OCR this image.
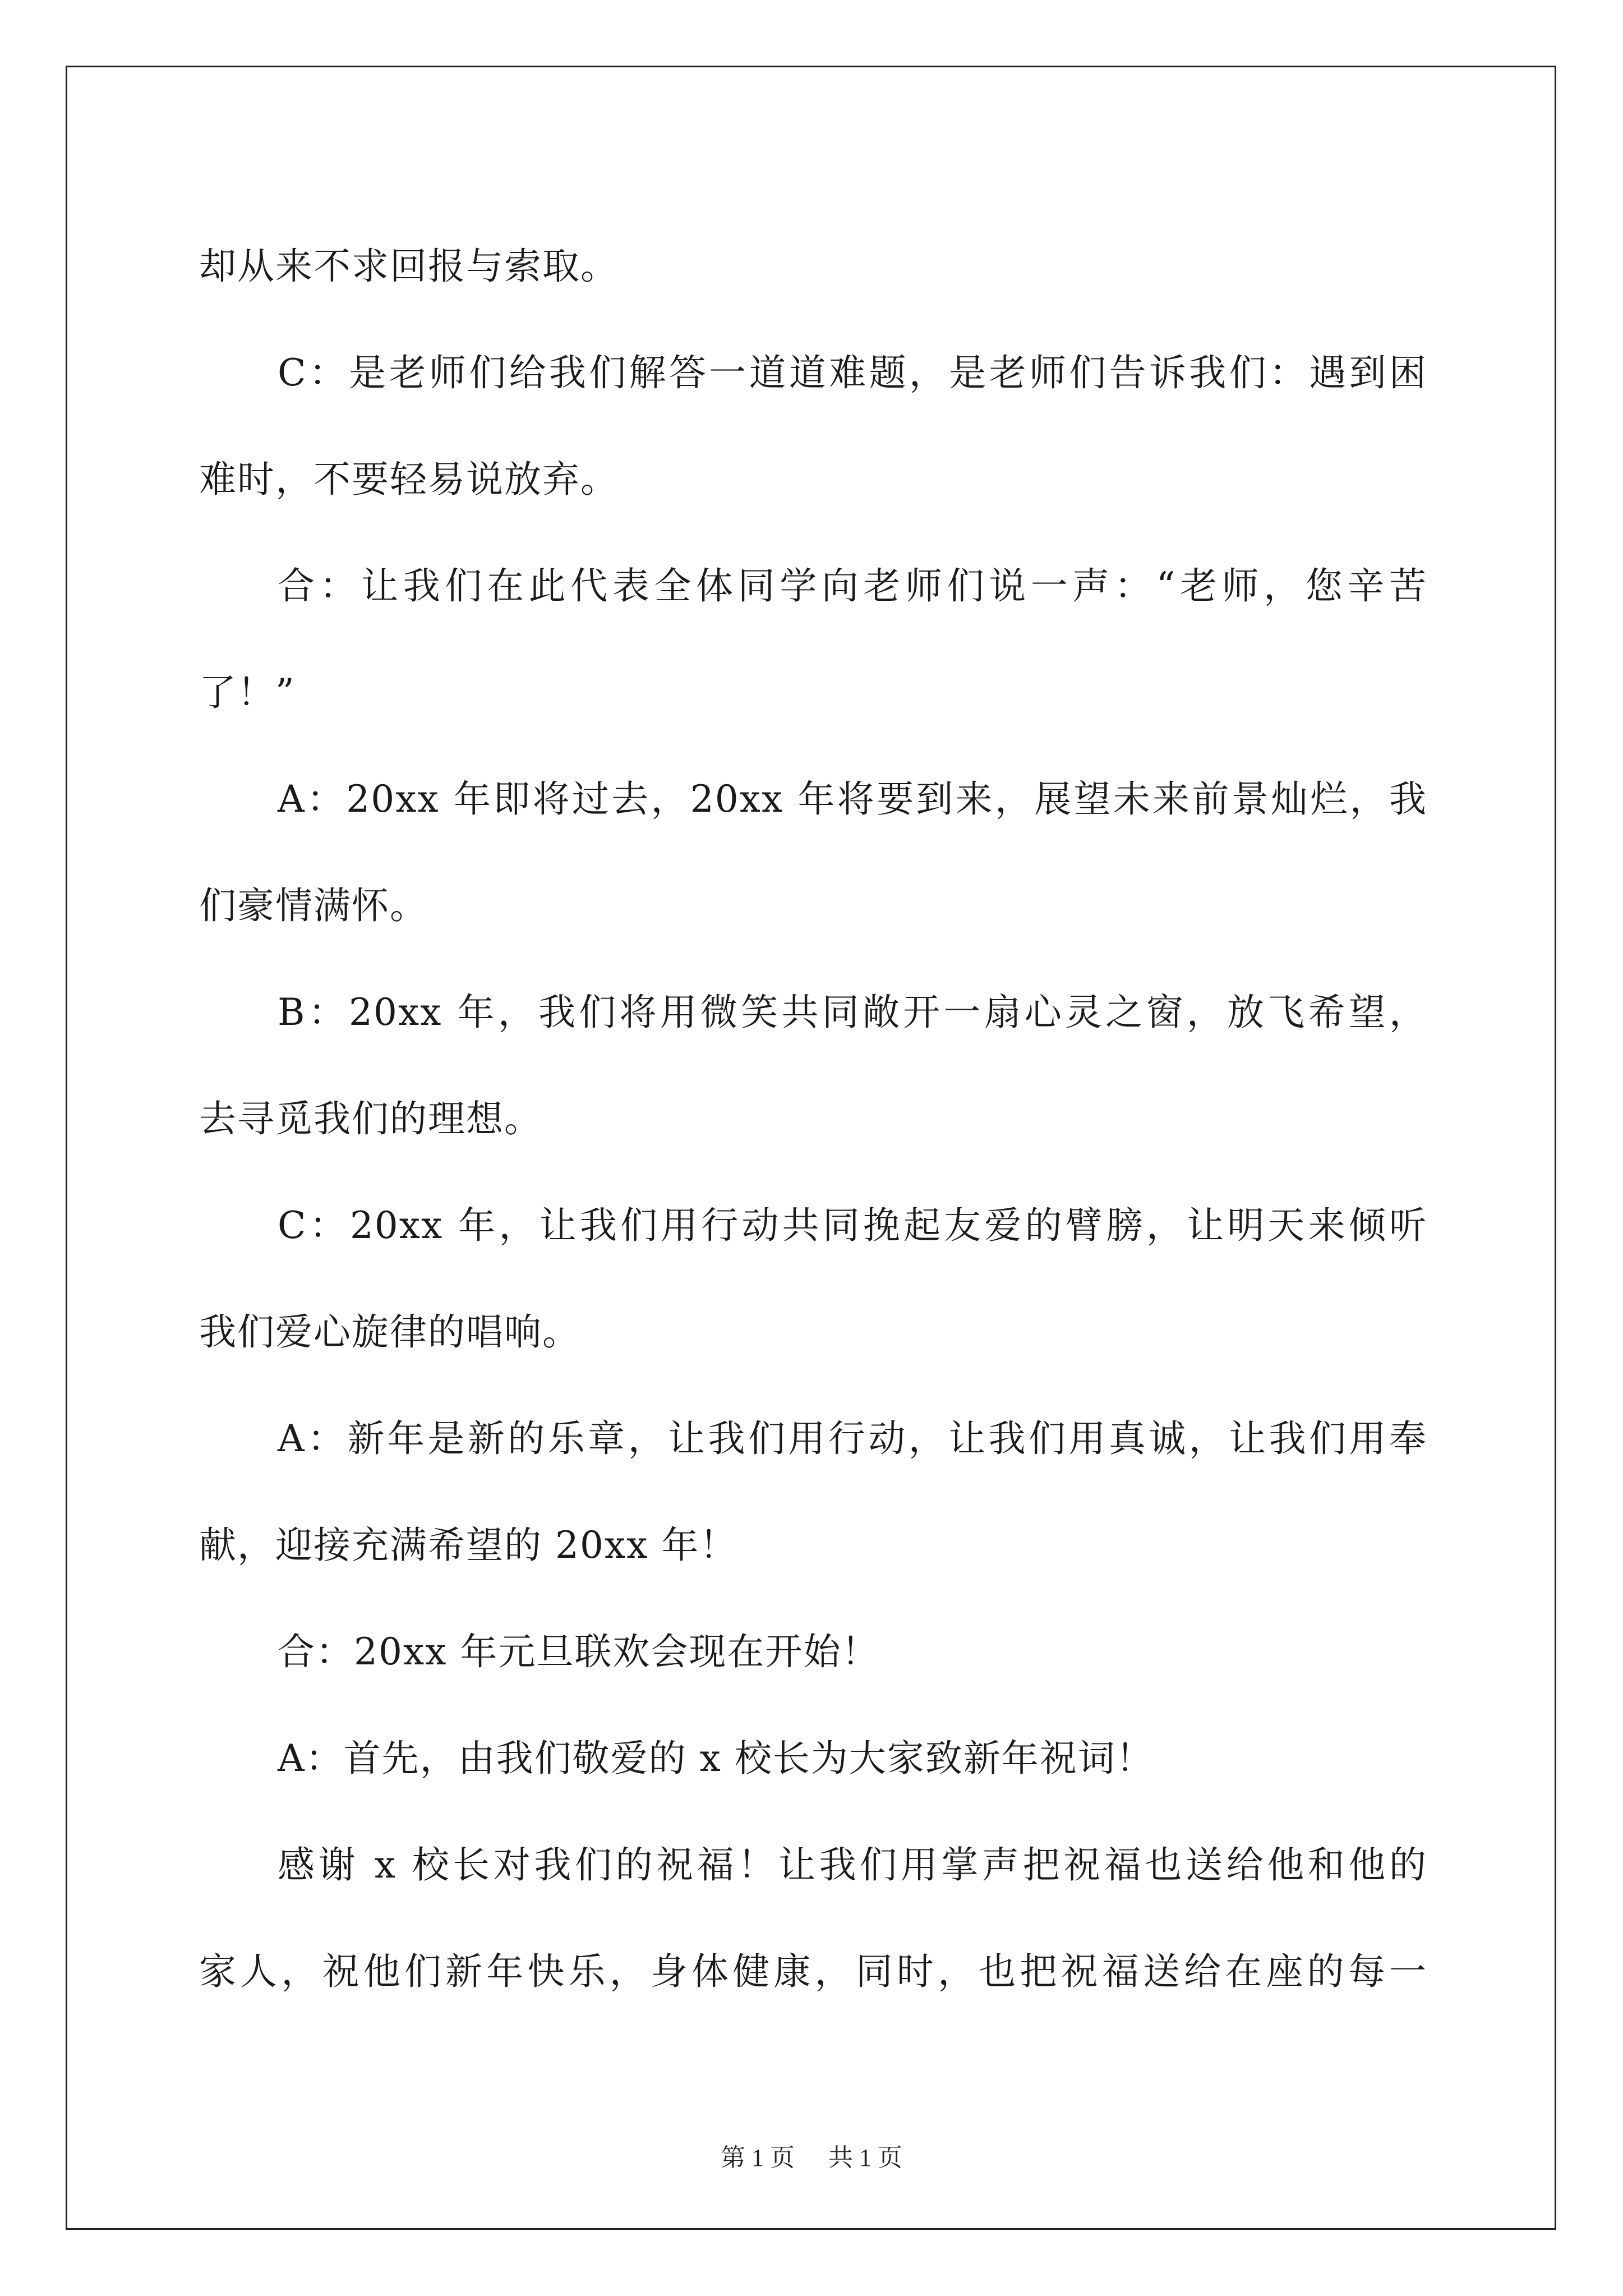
却从来不求回报与索取。
C：是老师们给我们解答一道道难题，是老师们告诉我们：遇到困
难时，不要轻易说放弃。
合：让我们在此代表全体同学向老师们说一声：“老师，您辛苦
了！”
A：20xx 年即将过去，20xx 年将要到来，展望未来前景灿烂，我
们豪情满怀。
B：20xx 年，我们将用微笑共同敞开一扇心灵之窗，放飞希望，
去寻觅我们的理想。
C：20xx 年，让我们用行动共同挽起友爱的臂膀，让明天来倾听
我们爱心旋律的唱响。
A：新年是新的乐章，让我们用行动，让我们用真诚，让我们用奉
献，迎接充满希望的 20xx 年！
合：20xx 年元旦联欢会现在开始！
A：首先，由我们敬爱的 x 校长为大家致新年祝词！
感谢 x 校长对我们的祝福！让我们用掌声把祝福也送给他和他的
家人，祝他们新年快乐，身体健康，同时，也把祝福送给在座的每一
第 1 页 共 1 页
